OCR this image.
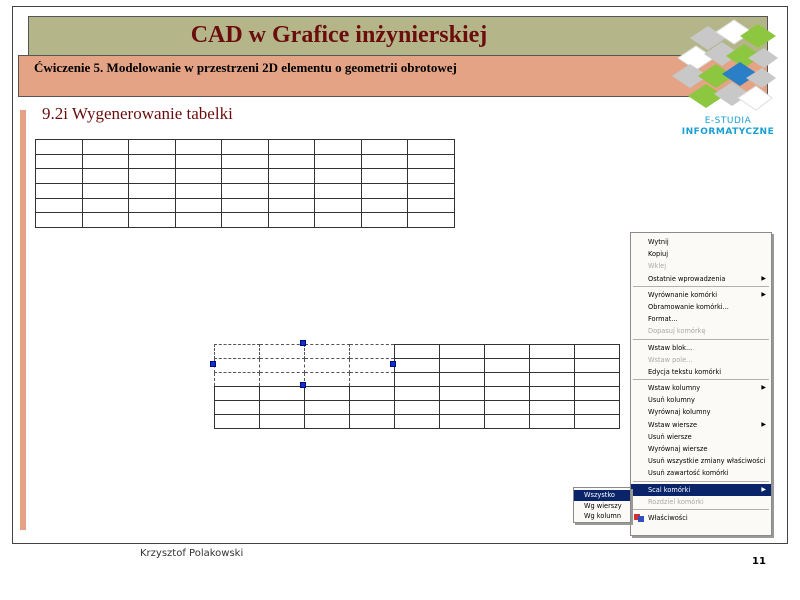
CAD w Grafice inżynierskiej
Ćwiczenie 5. Modelowanie w przestrzeni 2D elementu o geometrii obrotowej
E-STUDIA
INFORMATYCZNE
9.2i Wygenerowanie tabelki

Wytnij
Kopiuj
Wklej
Ostatnie wprowadzenia	▶
Wyrównanie komórki	▶
Obramowanie komórki...
Format...
Dopasuj komórkę
Wstaw blok...
Wstaw pole...
Edycja tekstu komórki
Wstaw kolumny	▶
Usuń kolumny
Wyrównaj kolumny
Wstaw wiersze	▶
Usuń wiersze
Wyrównaj wiersze
Usuń wszystkie zmiany właściwości
Usuń zawartość komórki
Scal komórki	▶
Rozdziel komórki
Właściwości
Wszystko
Wg wierszy
Wg kolumn
Krzysztof Polakowski
11
